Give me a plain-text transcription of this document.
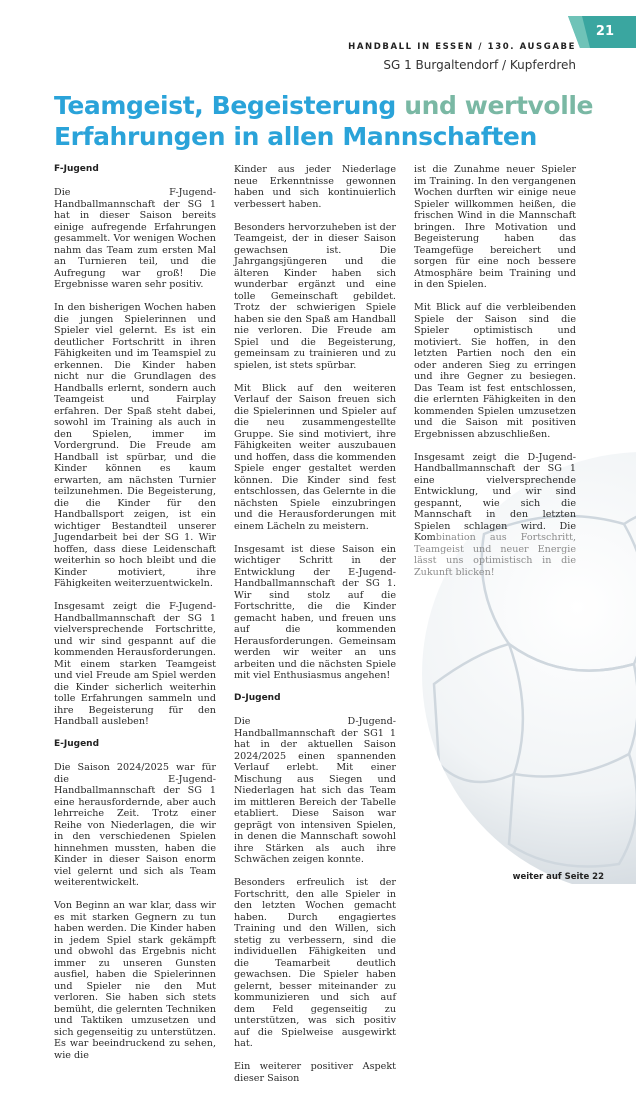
21
HANDBALL IN ESSEN / 130. AUSGABE
SG 1 Burgaltendorf / Kupferdreh
Teamgeist, Begeisterung und wertvolle
Erfahrungen in allen Mannschaften
F-Jugend

Die F-Jugend-Handballmannschaft der SG 1 hat in dieser Saison bereits einige aufregende Erfahrungen gesammelt. Vor wenigen Wochen nahm das Team zum ersten Mal an Turnieren teil, und die Aufregung war groß! Die Ergebnisse waren sehr positiv.

In den bisherigen Wochen haben die jungen Spielerinnen und Spieler viel gelernt. Es ist ein deutlicher Fortschritt in ihren Fähigkeiten und im Teamspiel zu erkennen. Die Kinder haben nicht nur die Grundlagen des Handballs erlernt, sondern auch Teamgeist und Fairplay erfahren. Der Spaß steht dabei, sowohl im Training als auch in den Spielen, immer im Vordergrund. Die Freude am Handball ist spürbar, und die Kinder können es kaum erwarten, am nächsten Turnier teilzunehmen. Die Begeisterung, die die Kinder für den Handballsport zeigen, ist ein wichtiger Bestandteil unserer Jugendarbeit bei der SG 1. Wir hoffen, dass diese Leidenschaft weiterhin so hoch bleibt und die Kinder motiviert, ihre Fähigkeiten weiterzuentwickeln.

Insgesamt zeigt die F-Jugend-Handballmannschaft der SG 1 vielversprechende Fortschritte, und wir sind gespannt auf die kommenden Herausforderungen. Mit einem starken Teamgeist und viel Freude am Spiel werden die Kinder sicherlich weiterhin tolle Erfahrungen sammeln und ihre Begeisterung für den Handball ausleben!

E-Jugend

Die Saison 2024/2025 war für die E-Jugend-Handballmannschaft der SG 1 eine herausfordernde, aber auch lehrreiche Zeit. Trotz einer Reihe von Niederlagen, die wir in den verschiedenen Spielen hinnehmen mussten, haben die Kinder in dieser Saison enorm viel gelernt und sich als Team weiterentwickelt.

Von Beginn an war klar, dass wir es mit starken Gegnern zu tun haben werden. Die Kinder haben in jedem Spiel stark gekämpft und obwohl das Ergebnis nicht immer zu unseren Gunsten ausfiel, haben die Spielerinnen und Spieler nie den Mut verloren. Sie haben sich stets bemüht, die gelernten Techniken und Taktiken umzusetzen und sich gegenseitig zu unterstützen. Es war beeindruckend zu sehen, wie die

Kinder aus jeder Niederlage neue Erkenntnisse gewonnen haben und sich kontinuierlich verbessert haben.

Besonders hervorzuheben ist der Teamgeist, der in dieser Saison gewachsen ist. Die Jahrgangsjüngeren und die älteren Kinder haben sich wunderbar ergänzt und eine tolle Gemeinschaft gebildet. Trotz der schwierigen Spiele haben sie den Spaß am Handball nie verloren. Die Freude am Spiel und die Begeisterung, gemeinsam zu trainieren und zu spielen, ist stets spürbar.

Mit Blick auf den weiteren Verlauf der Saison freuen sich die Spielerinnen und Spieler auf die neu zusammengestellte Gruppe. Sie sind motiviert, ihre Fähigkeiten weiter auszubauen und hoffen, dass die kommenden Spiele enger gestaltet werden können. Die Kinder sind fest entschlossen, das Gelernte in die nächsten Spiele einzubringen und die Herausforderungen mit einem Lächeln zu meistern.

Insgesamt ist diese Saison ein wichtiger Schritt in der Entwicklung der E-Jugend-Handballmannschaft der SG 1. Wir sind stolz auf die Fortschritte, die die Kinder gemacht haben, und freuen uns auf die kommenden Herausforderungen. Gemeinsam werden wir weiter an uns arbeiten und die nächsten Spiele mit viel Enthusiasmus angehen!

D-Jugend

Die D-Jugend-Handballmannschaft der SG1 1 hat in der aktuellen Saison 2024/2025 einen spannenden Verlauf erlebt. Mit einer Mischung aus Siegen und Niederlagen hat sich das Team im mittleren Bereich der Tabelle etabliert. Diese Saison war geprägt von intensiven Spielen, in denen die Mannschaft sowohl ihre Stärken als auch ihre Schwächen zeigen konnte.

Besonders erfreulich ist der Fortschritt, den alle Spieler in den letzten Wochen gemacht haben. Durch engagiertes Training und den Willen, sich stetig zu verbessern, sind die individuellen Fähigkeiten und die Teamarbeit deutlich gewachsen. Die Spieler haben gelernt, besser miteinander zu kommunizieren und sich auf dem Feld gegenseitig zu unterstützen, was sich positiv auf die Spielweise ausgewirkt hat.

Ein weiterer positiver Aspekt dieser Saison

ist die Zunahme neuer Spieler im Training. In den vergangenen Wochen durften wir einige neue Spieler willkommen heißen, die frischen Wind in die Mannschaft bringen. Ihre Motivation und Begeisterung haben das Teamgefüge bereichert und sorgen für eine noch bessere Atmosphäre beim Training und in den Spielen.

Mit Blick auf die verbleibenden Spiele der Saison sind die Spieler optimistisch und motiviert. Sie hoffen, in den letzten Partien noch den ein oder anderen Sieg zu erringen und ihre Gegner zu besiegen. Das Team ist fest entschlossen, die erlernten Fähigkeiten in den kommenden Spielen umzusetzen und die Saison mit positiven Ergebnissen abzuschließen.

Insgesamt zeigt die D-Jugend-Handballmannschaft der SG 1 eine vielversprechende Entwicklung, und wir sind gespannt, wie sich die Mannschaft in den letzten Spielen schlagen wird. Die Kombination aus Fortschritt, Teamgeist und neuer Energie lässt uns optimistisch in die Zukunft blicken!

weiter auf Seite 22
